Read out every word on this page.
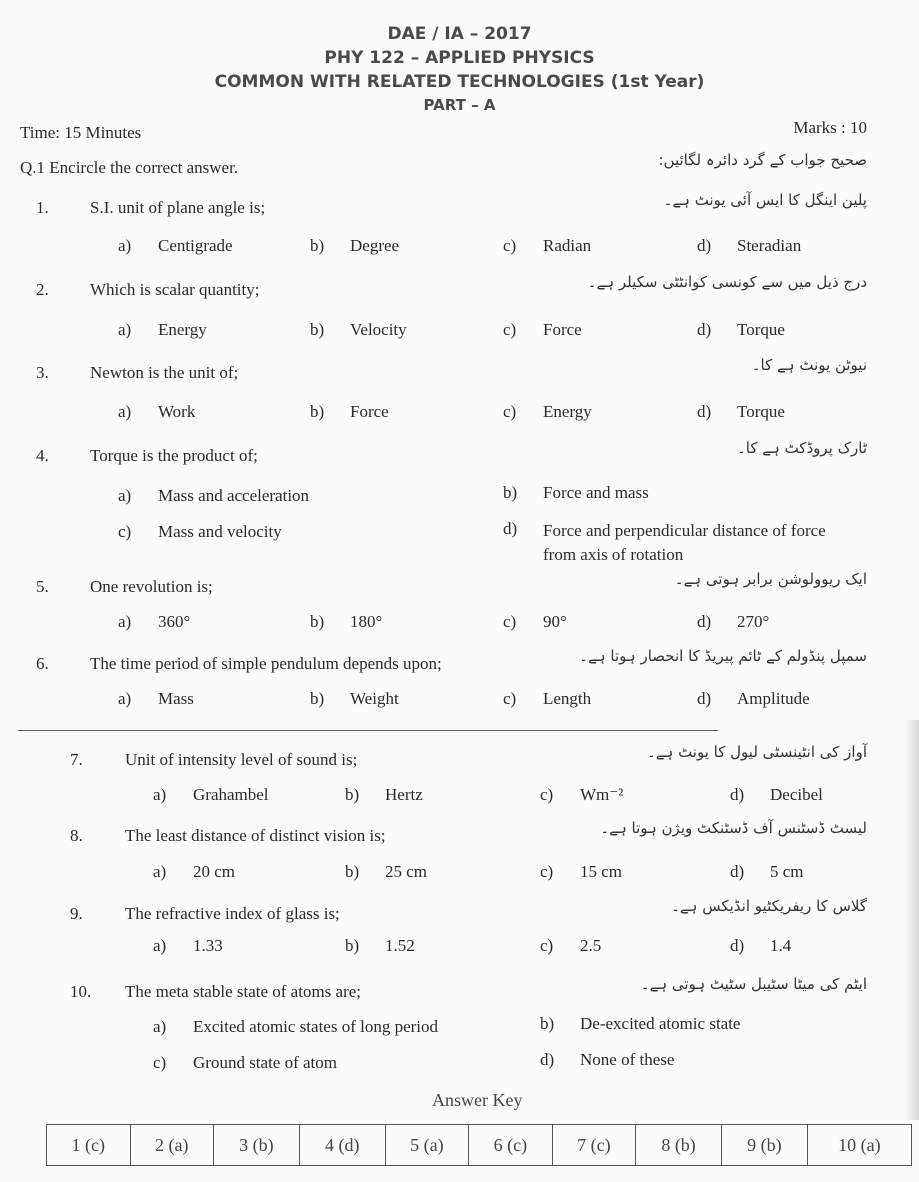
DAE / IA – 2017
PHY 122 – APPLIED PHYSICS
COMMON WITH RELATED TECHNOLOGIES (1st Year)
PART – A
Time: 15 Minutes	Marks : 10
Q.1 Encircle the correct answer.	صحیح جواب کے گرد دائرہ لگائیں:
1. S.I. unit of plane angle is;	پلین اینگل کا ایس آئی یونٹ ہے۔
a) Centigrade	b) Degree	c) Radian	d) Steradian
2. Which is scalar quantity;	درج ذیل میں سے کونسی کوانٹٹی سکیلر ہے۔
a) Energy	b) Velocity	c) Force	d) Torque
3. Newton is the unit of;	نیوٹن یونٹ ہے کا۔
a) Work	b) Force	c) Energy	d) Torque
4. Torque is the product of;	ٹارک پروڈکٹ ہے کا۔
a) Mass and acceleration	b) Force and mass
c) Mass and velocity	d) Force and perpendicular distance of force from axis of rotation
5. One revolution is;	ایک ریوولوشن برابر ہوتی ہے۔
a) 360°	b) 180°	c) 90°	d) 270°
6. The time period of simple pendulum depends upon;	سمپل پنڈولم کے ٹائم پیریڈ کا انحصار ہوتا ہے۔
a) Mass	b) Weight	c) Length	d) Amplitude
7. Unit of intensity level of sound is;	آواز کی انٹینسٹی لیول کا یونٹ ہے۔
a) Grahambel	b) Hertz	c) Wm⁻²	d) Decibel
8. The least distance of distinct vision is;	لیسٹ ڈسٹنس آف ڈسٹنکٹ ویژن ہوتا ہے۔
a) 20 cm	b) 25 cm	c) 15 cm	d) 5 cm
9. The refractive index of glass is;	گلاس کا ریفریکٹیو انڈیکس ہے۔
a) 1.33	b) 1.52	c) 2.5	d) 1.4
10. The meta stable state of atoms are;	ایٹم کی میٹا سٹیبل سٹیٹ ہوتی ہے۔
a) Excited atomic states of long period	b) De-excited atomic state
c) Ground state of atom	d) None of these
Answer Key
1 (c)	2 (a)	3 (b)	4 (d)	5 (a)	6 (c)	7 (c)	8 (b)	9 (b)	10 (a)
